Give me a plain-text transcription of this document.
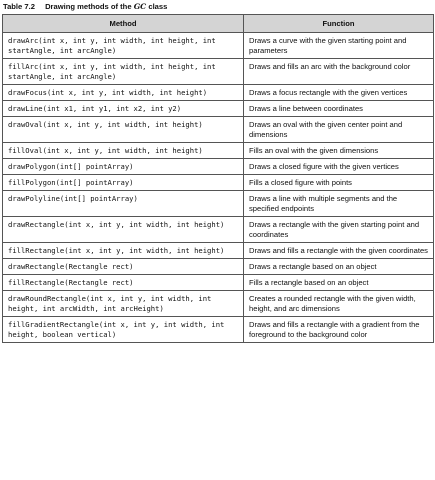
Table 7.2 Drawing methods of the GC class
Method	Function
drawArc(int x, int y, int width, int height, int startAngle, int arcAngle)	Draws a curve with the given starting point and parameters
fillArc(int x, int y, int width, int height, int startAngle, int arcAngle)	Draws and fills an arc with the background color
drawFocus(int x, int y, int width, int height)	Draws a focus rectangle with the given vertices
drawLine(int x1, int y1, int x2, int y2)	Draws a line between coordinates
drawOval(int x, int y, int width, int height)	Draws an oval with the given center point and dimensions
fillOval(int x, int y, int width, int height)	Fills an oval with the given dimensions
drawPolygon(int[] pointArray)	Draws a closed figure with the given vertices
fillPolygon(int[] pointArray)	Fills a closed figure with points
drawPolyline(int[] pointArray)	Draws a line with multiple segments and the specified endpoints
drawRectangle(int x, int y, int width, int height)	Draws a rectangle with the given starting point and coordinates
fillRectangle(int x, int y, int width, int height)	Draws and fills a rectangle with the given coordinates
drawRectangle(Rectangle rect)	Draws a rectangle based on an object
fillRectangle(Rectangle rect)	Fills a rectangle based on an object
drawRoundRectangle(int x, int y, int width, int height, int arcWidth, int arcHeight)	Creates a rounded rectangle with the given width, height, and arc dimensions
fillGradientRectangle(int x, int y, int width, int height, boolean vertical)	Draws and fills a rectangle with a gradient from the foreground to the background color
